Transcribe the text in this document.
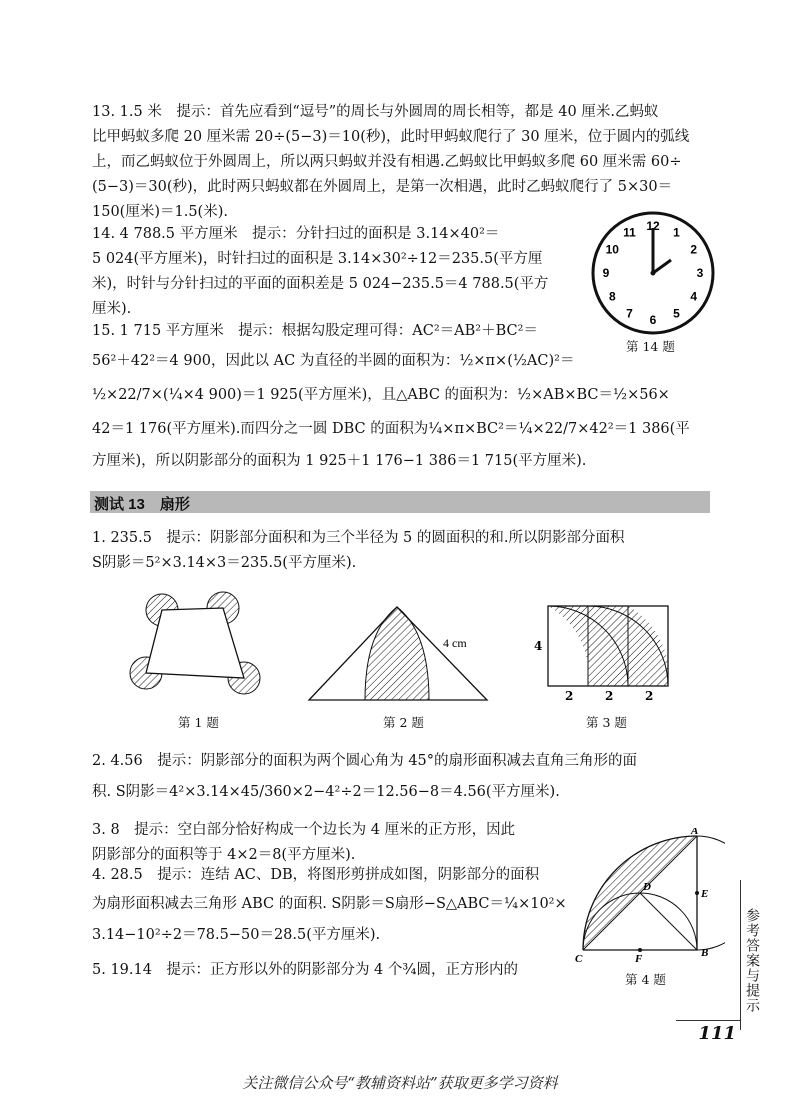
13. 1.5 米　提示：首先应看到“逗号”的周长与外圆周的周长相等，都是 40 厘米.乙蚂蚁
比甲蚂蚁多爬 20 厘米需 20÷(5−3)＝10(秒)，此时甲蚂蚁爬行了 30 厘米，位于圆内的弧线
上，而乙蚂蚁位于外圆周上，所以两只蚂蚁并没有相遇.乙蚂蚁比甲蚂蚁多爬 60 厘米需 60÷
(5−3)＝30(秒)，此时两只蚂蚁都在外圆周上，是第一次相遇，此时乙蚂蚁爬行了 5×30＝
150(厘米)＝1.5(米).
14. 4 788.5 平方厘米　提示：分针扫过的面积是 3.14×40²＝
5 024(平方厘米)，时针扫过的面积是 3.14×30²÷12＝235.5(平方厘
米)，时针与分针扫过的平面的面积差是 5 024−235.5＝4 788.5(平方
厘米).
12 1
2
3
4
5
6
7
8
9
10
11
第 14 题
15. 1 715 平方厘米　提示：根据勾股定理可得：AC²＝AB²＋BC²＝
56²＋42²＝4 900，因此以 AC 为直径的半圆的面积为：½×π×(½AC)²＝
½×22/7×(¼×4 900)＝1 925(平方厘米)，且△ABC 的面积为：½×AB×BC＝½×56×
42＝1 176(平方厘米).而四分之一圆 DBC 的面积为¼×π×BC²＝¼×22/7×42²＝1 386(平
方厘米)，所以阴影部分的面积为 1 925＋1 176−1 386＝1 715(平方厘米).
测试 13　扇形
1. 235.5　提示：阴影部分面积和为三个半径为 5 的圆面积的和.所以阴影部分面积
S阴影＝5²×3.14×3＝235.5(平方厘米).
第 1 题
4 cm
第 2 题
4
2	2	2
第 3 题
2. 4.56　提示：阴影部分的面积为两个圆心角为 45°的扇形面积减去直角三角形的面
积. S阴影＝4²×3.14×45/360×2−4²÷2＝12.56−8＝4.56(平方厘米).
3. 8　提示：空白部分恰好构成一个边长为 4 厘米的正方形，因此
阴影部分的面积等于 4×2＝8(平方厘米).
4. 28.5　提示：连结 AC、DB，将图形剪拼成如图，阴影部分的面积
为扇形面积减去三角形 ABC 的面积. S阴影＝S扇形−S△ABC＝¼×10²×
3.14−10²÷2＝78.5−50＝28.5(平方厘米).
5. 19.14　提示：正方形以外的阴影部分为 4 个¾圆，正方形内的
A
B
C
D
E
F
第 4 题	参考答案与提示
111
关注微信公众号“教辅资料站”获取更多学习资料
